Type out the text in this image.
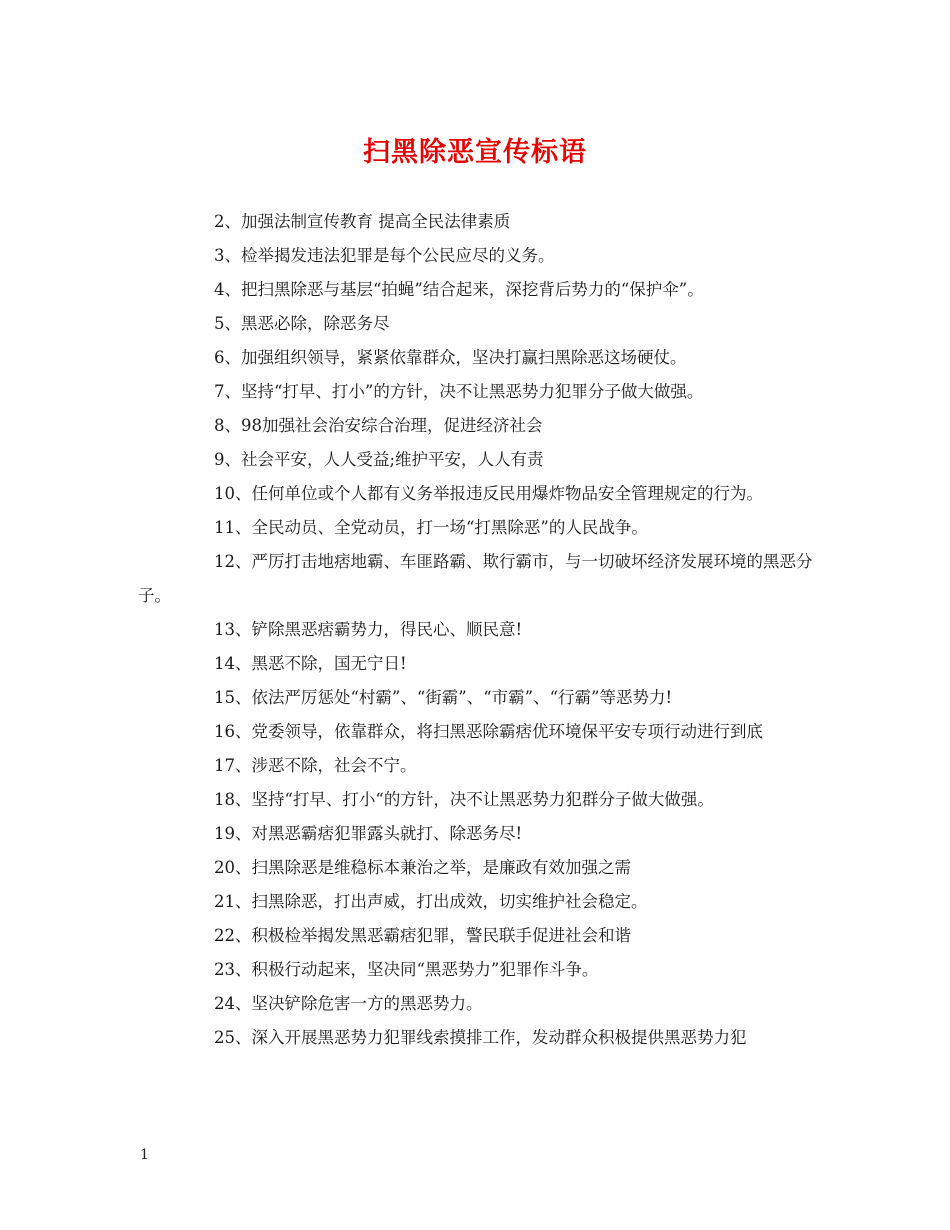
扫黑除恶宣传标语

2、加强法制宣传教育 提高全民法律素质

3、检举揭发违法犯罪是每个公民应尽的义务。

4、把扫黑除恶与基层“拍蝇”结合起来，深挖背后势力的“保护伞”。

5、黑恶必除，除恶务尽

6、加强组织领导，紧紧依靠群众，坚决打赢扫黑除恶这场硬仗。

7、坚持“打早、打小”的方针，决不让黑恶势力犯罪分子做大做强。

8、98加强社会治安综合治理，促进经济社会

9、社会平安，人人受益;维护平安，人人有责

10、任何单位或个人都有义务举报违反民用爆炸物品安全管理规定的行为。

11、全民动员、全党动员，打一场“打黑除恶”的人民战争。

12、严厉打击地痞地霸、车匪路霸、欺行霸市，与一切破坏经济发展环境的黑恶分子。

13、铲除黑恶痞霸势力，得民心、顺民意!

14、黑恶不除，国无宁日!

15、依法严厉惩处“村霸”、“街霸”、“市霸”、“行霸”等恶势力!

16、党委领导，依靠群众，将扫黑恶除霸痞优环境保平安专项行动进行到底

17、涉恶不除，社会不宁。

18、坚持“打早、打小“的方针，决不让黑恶势力犯群分子做大做强。

19、对黑恶霸痞犯罪露头就打、除恶务尽!

20、扫黑除恶是维稳标本兼治之举，是廉政有效加强之需

21、扫黑除恶，打出声威，打出成效，切实维护社会稳定。

22、积极检举揭发黑恶霸痞犯罪，警民联手促进社会和谐

23、积极行动起来，坚决同“黑恶势力”犯罪作斗争。

24、坚决铲除危害一方的黑恶势力。

25、深入开展黑恶势力犯罪线索摸排工作，发动群众积极提供黑恶势力犯

1
